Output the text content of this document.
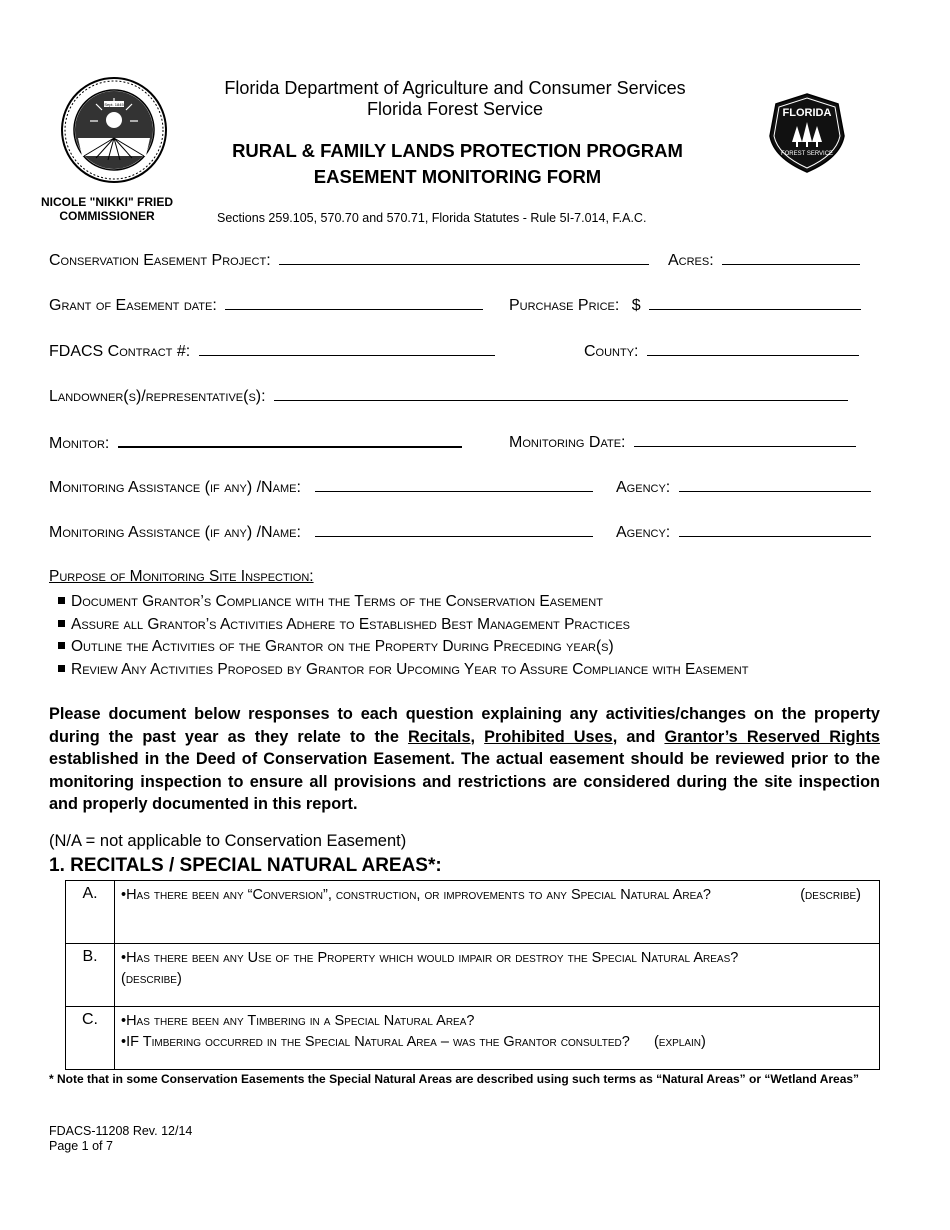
Sept. 1845
NICOLE "NIKKI" FRIED
COMMISSIONER
Florida Department of Agriculture and Consumer Services
Florida Forest Service
RURAL & FAMILY LANDS PROTECTION PROGRAM
EASEMENT MONITORING FORM
Sections 259.105, 570.70 and 570.71, Florida Statutes - Rule 5I-7.014, F.A.C.
FLORIDA
FOREST SERVICE
Conservation Easement Project:	Acres:
Grant of Easement date:	Purchase Price: $
FDACS Contract #:	County:
Landowner(s)/representative(s):
Monitor:	Monitoring Date:
Monitoring Assistance (if any) /Name:	Agency:
Monitoring Assistance (if any) /Name:	Agency:
Purpose of Monitoring Site Inspection:
Document Grantor’s Compliance with the Terms of the Conservation Easement
Assure all Grantor’s Activities Adhere to Established Best Management Practices
Outline the Activities of the Grantor on the Property During Preceding year(s)
Review Any Activities Proposed by Grantor for Upcoming Year to Assure Compliance with Easement
Please document below responses to each question explaining any activities/changes on the property during the past year as they relate to the Recitals, Prohibited Uses, and Grantor’s Reserved Rights established in the Deed of Conservation Easement. The actual easement should be reviewed prior to the monitoring inspection to ensure all provisions and restrictions are considered during the site inspection and properly documented in this report.
(N/A = not applicable to Conservation Easement)
1. RECITALS / SPECIAL NATURAL AREAS*:
A.	•Has there been any “Conversion”, construction, or improvements to any Special Natural Area? (describe)

B.	•Has there been any Use of the Property which would impair or destroy the Special Natural Areas?
(describe)

C.	•Has there been any Timbering in a Special Natural Area?
•IF Timbering occurred in the Special Natural Area – was the Grantor consulted?      (explain)
* Note that in some Conservation Easements the Special Natural Areas are described using such terms as “Natural Areas” or “Wetland Areas”
FDACS-11208 Rev. 12/14
Page 1 of 7
